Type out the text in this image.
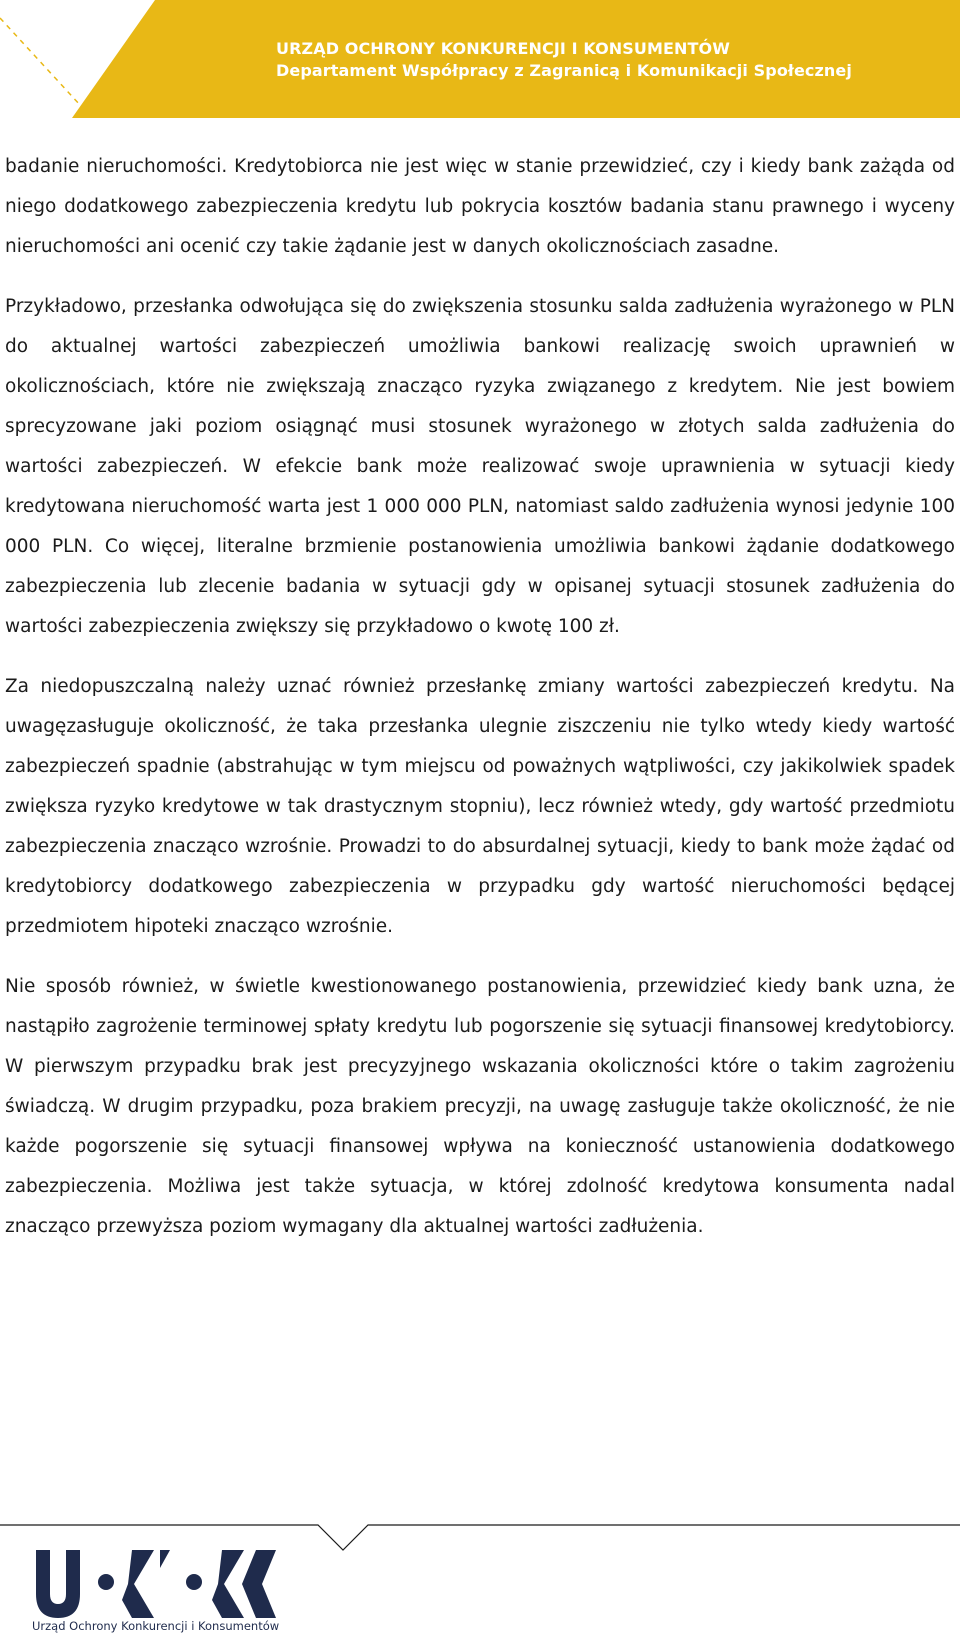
URZĄD OCHRONY KONKURENCJI I KONSUMENTÓW
Departament Współpracy z Zagranicą i Komunikacji Społecznej

badanie nieruchomości. Kredytobiorca nie jest więc w stanie przewidzieć, czy i kiedy bank zażąda od niego dodatkowego zabezpieczenia kredytu lub pokrycia kosztów badania stanu prawnego i wyceny nieruchomości ani ocenić czy takie żądanie jest w danych okolicznościach zasadne.

Przykładowo, przesłanka odwołująca się do zwiększenia stosunku salda zadłużenia wyrażonego w PLN do aktualnej wartości zabezpieczeń umożliwia bankowi realizację swoich uprawnień w okolicznościach, które nie zwiększają znacząco ryzyka związanego z kredytem. Nie jest bowiem sprecyzowane jaki poziom osiągnąć musi stosunek wyrażonego w złotych salda zadłużenia do wartości zabezpieczeń. W efekcie bank może realizować swoje uprawnienia w sytuacji kiedy kredytowana nieruchomość warta jest 1 000 000 PLN, natomiast saldo zadłużenia wynosi jedynie 100 000 PLN. Co więcej, literalne brzmienie postanowienia umożliwia bankowi żądanie dodatkowego zabezpieczenia lub zlecenie badania w sytuacji gdy w opisanej sytuacji stosunek zadłużenia do wartości zabezpieczenia zwiększy się przykładowo o kwotę 100 zł.

Za niedopuszczalną należy uznać również przesłankę zmiany wartości zabezpieczeń kredytu. Na uwagęzasługuje okoliczność, że taka przesłanka ulegnie ziszczeniu nie tylko wtedy kiedy wartość zabezpieczeń spadnie (abstrahując w tym miejscu od poważnych wątpliwości, czy jakikolwiek spadek zwiększa ryzyko kredytowe w tak drastycznym stopniu), lecz również wtedy, gdy wartość przedmiotu zabezpieczenia znacząco wzrośnie. Prowadzi to do absurdalnej sytuacji, kiedy to bank może żądać od kredytobiorcy dodatkowego zabezpieczenia w przypadku gdy wartość nieruchomości będącej przedmiotem hipoteki znacząco wzrośnie.

Nie sposób również, w świetle kwestionowanego postanowienia, przewidzieć kiedy bank uzna, że nastąpiło zagrożenie terminowej spłaty kredytu lub pogorszenie się sytuacji finansowej kredytobiorcy. W pierwszym przypadku brak jest precyzyjnego wskazania okoliczności które o takim zagrożeniu świadczą. W drugim przypadku, poza brakiem precyzji, na uwagę zasługuje także okoliczność, że nie każde pogorszenie się sytuacji finansowej wpływa na konieczność ustanowienia dodatkowego zabezpieczenia. Możliwa jest także sytuacja, w której zdolność kredytowa konsumenta nadal znacząco przewyższa poziom wymagany dla aktualnej wartości zadłużenia.

Urząd Ochrony Konkurencji i Konsumentów
